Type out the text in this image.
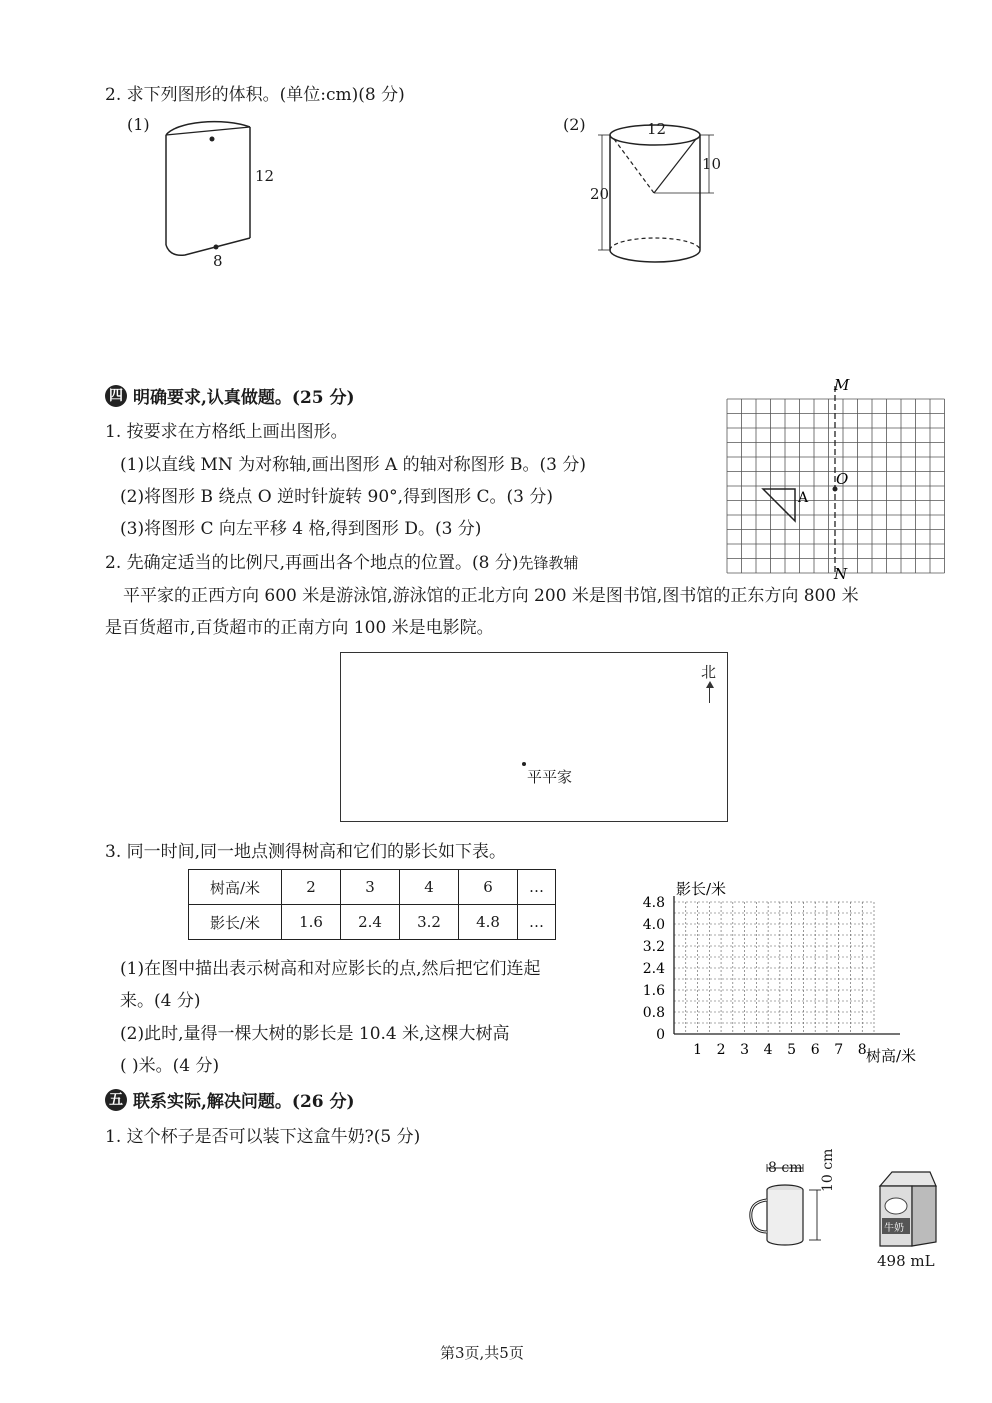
2. 求下列图形的体积。(单位:cm)(8 分)
(1)
12
8
(2)	12
10
20
四 明确要求,认真做题。(25 分)
1. 按要求在方格纸上画出图形。
(1)以直线 MN 为对称轴,画出图形 A 的轴对称图形 B。(3 分)
(2)将图形 B 绕点 O 逆时针旋转 90°,得到图形 C。(3 分)
(3)将图形 C 向左平移 4 格,得到图形 D。(3 分)
M
N
O
A
2. 先确定适当的比例尺,再画出各个地点的位置。(8 分)先锋教辅
平平家的正西方向 600 米是游泳馆,游泳馆的正北方向 200 米是图书馆,图书馆的正东方向 800 米
是百货超市,百货超市的正南方向 100 米是电影院。
北
平平家
3. 同一时间,同一地点测得树高和它们的影长如下表。
树高/米	2	3	4	6	…
影长/米	1.6	2.4	3.2	4.8	…
(1)在图中描出表示树高和对应影长的点,然后把它们连起
来。(4 分)
(2)此时,量得一棵大树的影长是 10.4 米,这棵大树高
( )米。(4 分)
1 2 3 4 5 6 7 8
0
0.8
1.6
2.4
3.2
4.0
4.8
影长/米
树高/米
五 联系实际,解决问题。(26 分)
1. 这个杯子是否可以装下这盒牛奶?(5 分)
8 cm 10 cm
牛奶
498 mL
第3页,共5页
